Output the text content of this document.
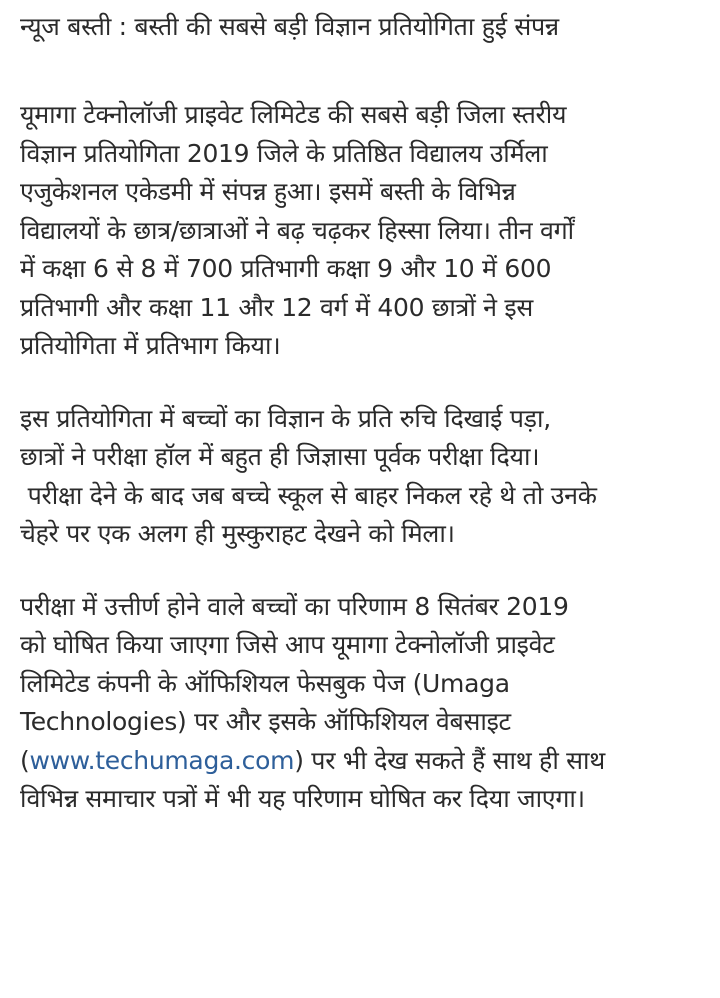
न्यूज बस्ती : बस्ती की सबसे बड़ी विज्ञान प्रतियोगिता हुई संपन्न
यूमागा टेक्नोलॉजी प्राइवेट लिमिटेड की सबसे बड़ी जिला स्तरीय
विज्ञान प्रतियोगिता 2019 जिले के प्रतिष्ठित विद्यालय उर्मिला
एजुकेशनल एकेडमी में संपन्न हुआ। इसमें बस्ती के विभिन्न
विद्यालयों के छात्र/छात्राओं ने बढ़ चढ़कर हिस्सा लिया। तीन वर्गों
में कक्षा 6 से 8 में 700 प्रतिभागी कक्षा 9 और 10 में 600
प्रतिभागी और कक्षा 11 और 12 वर्ग में 400 छात्रों ने इस
प्रतियोगिता में प्रतिभाग किया।
इस प्रतियोगिता में बच्चों का विज्ञान के प्रति रुचि दिखाई पड़ा,
छात्रों ने परीक्षा हॉल में बहुत ही जिज्ञासा पूर्वक परीक्षा दिया।
परीक्षा देने के बाद जब बच्चे स्कूल से बाहर निकल रहे थे तो उनके
चेहरे पर एक अलग ही मुस्कुराहट देखने को मिला।
परीक्षा में उत्तीर्ण होने वाले बच्चों का परिणाम 8 सितंबर 2019
को घोषित किया जाएगा जिसे आप यूमागा टेक्नोलॉजी प्राइवेट
लिमिटेड कंपनी के ऑफिशियल फेसबुक पेज (Umaga
Technologies) पर और इसके ऑफिशियल वेबसाइट
(www.techumaga.com) पर भी देख सकते हैं साथ ही साथ
विभिन्न समाचार पत्रों में भी यह परिणाम घोषित कर दिया जाएगा।
